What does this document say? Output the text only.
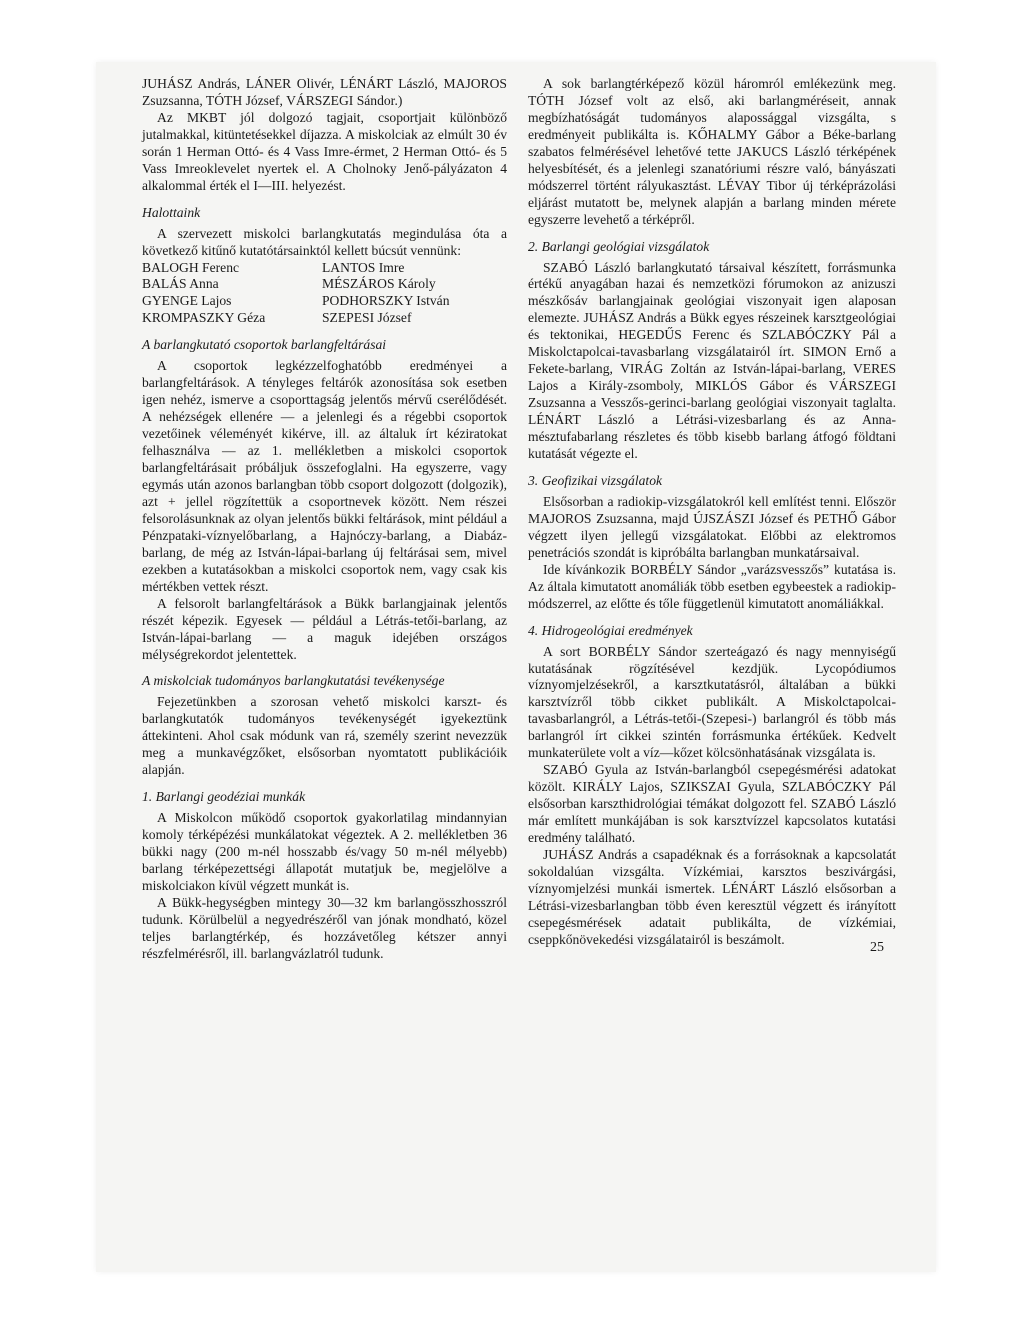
JUHÁSZ András, LÁNER Olivér, LÉNÁRT László, MAJOROS Zsuzsanna, TÓTH József, VÁRSZEGI Sándor.)

Az MKBT jól dolgozó tagjait, csoportjait különböző jutalmakkal, kitüntetésekkel díjazza. A miskolciak az elmúlt 30 év során 1 Herman Ottó- és 4 Vass Imre-érmet, 2 Herman Ottó- és 5 Vass Imreoklevelet nyertek el. A Cholnoky Jenő-pályázaton 4 alkalommal érték el I—III. helyezést.

Halottaink

A szervezett miskolci barlangkutatás megindulása óta a következő kitűnő kutatótársainktól kellett búcsút vennünk:

BALOGH Ferenc	LANTOS Imre
BALÁS Anna	MÉSZÁROS Károly
GYENGE Lajos	PODHORSZKY István
KROMPASZKY Géza	SZEPESI József
A barlangkutató csoportok barlangfeltárásai

A csoportok legkézzelfoghatóbb eredményei a barlangfeltárások. A tényleges feltárók azonosítása sok esetben igen nehéz, ismerve a csoporttagság jelentős mérvű cserélődését. A nehézségek ellenére — a jelenlegi és a régebbi csoportok vezetőinek véleményét kikérve, ill. az általuk írt kéziratokat felhasználva — az 1. mellékletben a miskolci csoportok barlangfeltárásait próbáljuk összefoglalni. Ha egyszerre, vagy egymás után azonos barlangban több csoport dolgozott (dolgozik), azt + jellel rögzítettük a csoportnevek között. Nem részei felsorolásunknak az olyan jelentős bükki feltárások, mint például a Pénzpataki-víznyelőbarlang, a Hajnóczy-barlang, a Diabáz-barlang, de még az István-lápai-barlang új feltárásai sem, mivel ezekben a kutatásokban a miskolci csoportok nem, vagy csak kis mértékben vettek részt.

A felsorolt barlangfeltárások a Bükk barlangjainak jelentős részét képezik. Egyesek — például a Létrás-tetői-barlang, az István-lápai-barlang — a maguk idejében országos mélységrekordot jelentettek.

A miskolciak tudományos barlangkutatási tevékenysége

Fejezetünkben a szorosan vehető miskolci karszt- és barlangkutatók tudományos tevékenységét igyekeztünk áttekinteni. Ahol csak módunk van rá, személy szerint nevezzük meg a munkavégzőket, elsősorban nyomtatott publikációik alapján.

1. Barlangi geodéziai munkák

A Miskolcon működő csoportok gyakorlatilag mindannyian komoly térképézési munkálatokat végeztek. A 2. mellékletben 36 bükki nagy (200 m-nél hosszabb és/vagy 50 m-nél mélyebb) barlang térképezettségi állapotát mutatjuk be, megjelölve a miskolciakon kívül végzett munkát is.

A Bükk-hegységben mintegy 30—32 km barlangösszhosszról tudunk. Körülbelül a negyedrészéről van jónak mondható, közel teljes barlangtérkép, és hozzávetőleg kétszer annyi részfelmérésről, ill. barlangvázlatról tudunk.

A sok barlangtérképező közül háromról emlékezünk meg. TÓTH József volt az első, aki barlangméréseit, annak megbízhatóságát tudományos alapossággal vizsgálta, s eredményeit publikálta is. KŐHALMY Gábor a Béke-barlang szabatos felmérésével lehetővé tette JAKUCS László térképének helyesbítését, és a jelenlegi szanatóriumi részre való, bányászati módszerrel történt rályukasztást. LÉVAY Tibor új térképrázolási eljárást mutatott be, melynek alapján a barlang minden mérete egyszerre levehető a térképről.

2. Barlangi geológiai vizsgálatok

SZABÓ László barlangkutató társaival készített, forrásmunka értékű anyagában hazai és nemzetközi fórumokon az anizuszi mészkősáv barlangjainak geológiai viszonyait igen alaposan elemezte. JUHÁSZ András a Bükk egyes részeinek karsztgeológiai és tektonikai, HEGEDŰS Ferenc és SZLABÓCZKY Pál a Miskolctapolcai-tavasbarlang vizsgálatairól írt. SIMON Ernő a Fekete-barlang, VIRÁG Zoltán az István-lápai-barlang, VERES Lajos a Király-zsomboly, MIKLÓS Gábor és VÁRSZEGI Zsuzsanna a Vesszős-gerinci-barlang geológiai viszonyait taglalta. LÉNÁRT László a Létrási-vizesbarlang és az Anna-mésztufabarlang részletes és több kisebb barlang átfogó földtani kutatását végezte el.

3. Geofizikai vizsgálatok

Elsősorban a radiokip-vizsgálatokról kell említést tenni. Először MAJOROS Zsuzsanna, majd ÚJSZÁSZI József és PETHŐ Gábor végzett ilyen jellegű vizsgálatokat. Előbbi az elektromos penetrációs szondát is kipróbálta barlangban munkatársaival.

Ide kívánkozik BORBÉLY Sándor „varázsvesszős” kutatása is. Az általa kimutatott anomáliák több esetben egybeestek a radiokip-módszerrel, az előtte és tőle függetlenül kimutatott anomáliákkal.

4. Hidrogeológiai eredmények

A sort BORBÉLY Sándor szerteágazó és nagy mennyiségű kutatásának rögzítésével kezdjük. Lycopódiumos víznyomjelzésekről, a karsztkutatásról, általában a bükki karsztvízről több cikket publikált. A Miskolctapolcai-tavasbarlangról, a Létrás-tetői-(Szepesi-) barlangról és több más barlangról írt cikkei szintén forrásmunka értékűek. Kedvelt munkaterülete volt a víz—kőzet kölcsönhatásának vizsgálata is.

SZABÓ Gyula az István-barlangból csepegésmérési adatokat közölt. KIRÁLY Lajos, SZIKSZAI Gyula, SZLABÓCZKY Pál elsősorban karszthidrológiai témákat dolgozott fel. SZABÓ László már említett munkájában is sok karsztvízzel kapcsolatos kutatási eredmény található.

JUHÁSZ András a csapadéknak és a forrásoknak a kapcsolatát sokoldalúan vizsgálta. Vízkémiai, karsztos beszivárgási, víznyomjelzési munkái ismertek. LÉNÁRT László elsősorban a Létrási-vizesbarlangban több éven keresztül végzett és irányított csepegésmérések adatait publikálta, de vízkémiai, cseppkőnövekedési vizsgálatairól is beszámolt.

25
